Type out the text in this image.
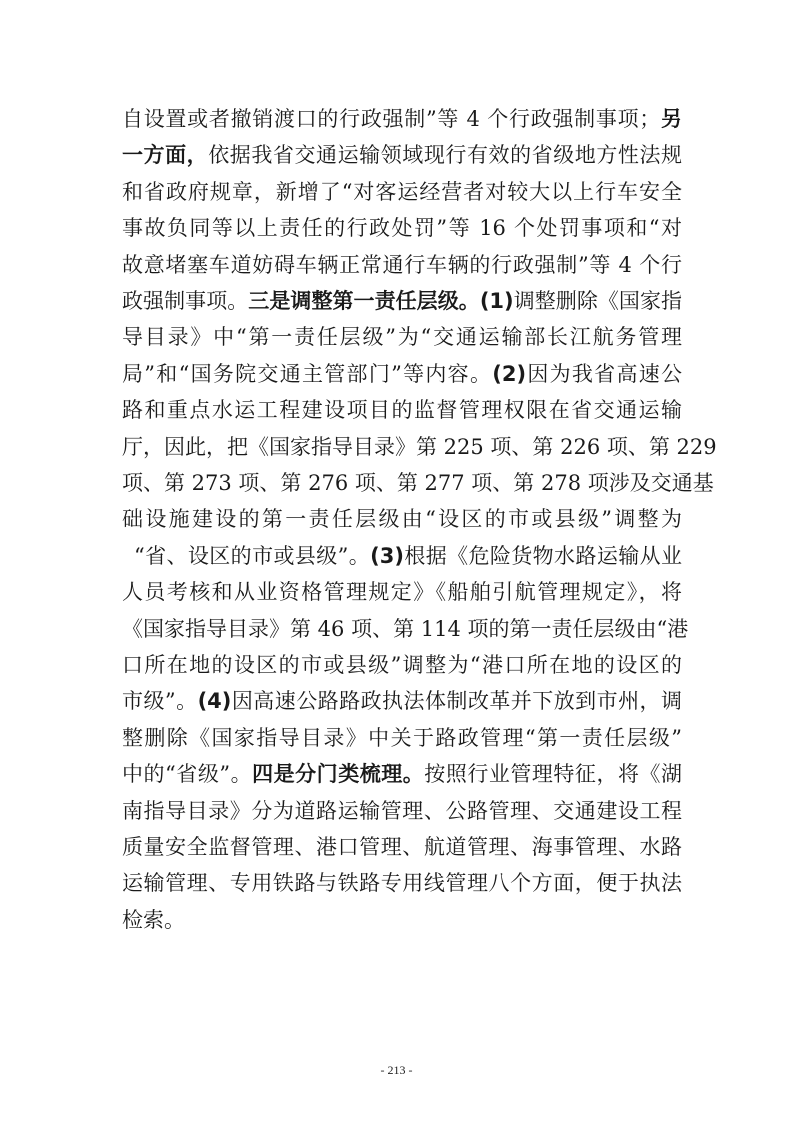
自设置或者撤销渡口的行政强制”等 4 个行政强制事项；另
一方面，依据我省交通运输领域现行有效的省级地方性法规
和省政府规章，新增了“对客运经营者对较大以上行车安全
事故负同等以上责任的行政处罚”等 16 个处罚事项和“对
故意堵塞车道妨碍车辆正常通行车辆的行政强制”等 4 个行
政强制事项。三是调整第一责任层级。(1)调整删除《国家指
导目录》中“第一责任层级”为“交通运输部长江航务管理
局”和“国务院交通主管部门”等内容。(2)因为我省高速公
路和重点水运工程建设项目的监督管理权限在省交通运输
厅，因此，把《国家指导目录》第 225 项、第 226 项、第 229
项、第 273 项、第 276 项、第 277 项、第 278 项涉及交通基
础设施建设的第一责任层级由“设区的市或县级”调整为
“省、设区的市或县级”。(3)根据《危险货物水路运输从业
人员考核和从业资格管理规定》《船舶引航管理规定》，将
《国家指导目录》第 46 项、第 114 项的第一责任层级由“港
口所在地的设区的市或县级”调整为“港口所在地的设区的
市级”。(4)因高速公路路政执法体制改革并下放到市州，调
整删除《国家指导目录》中关于路政管理“第一责任层级”
中的“省级”。四是分门类梳理。按照行业管理特征，将《湖
南指导目录》分为道路运输管理、公路管理、交通建设工程
质量安全监督管理、港口管理、航道管理、海事管理、水路
运输管理、专用铁路与铁路专用线管理八个方面，便于执法
检索。
- 213 -
